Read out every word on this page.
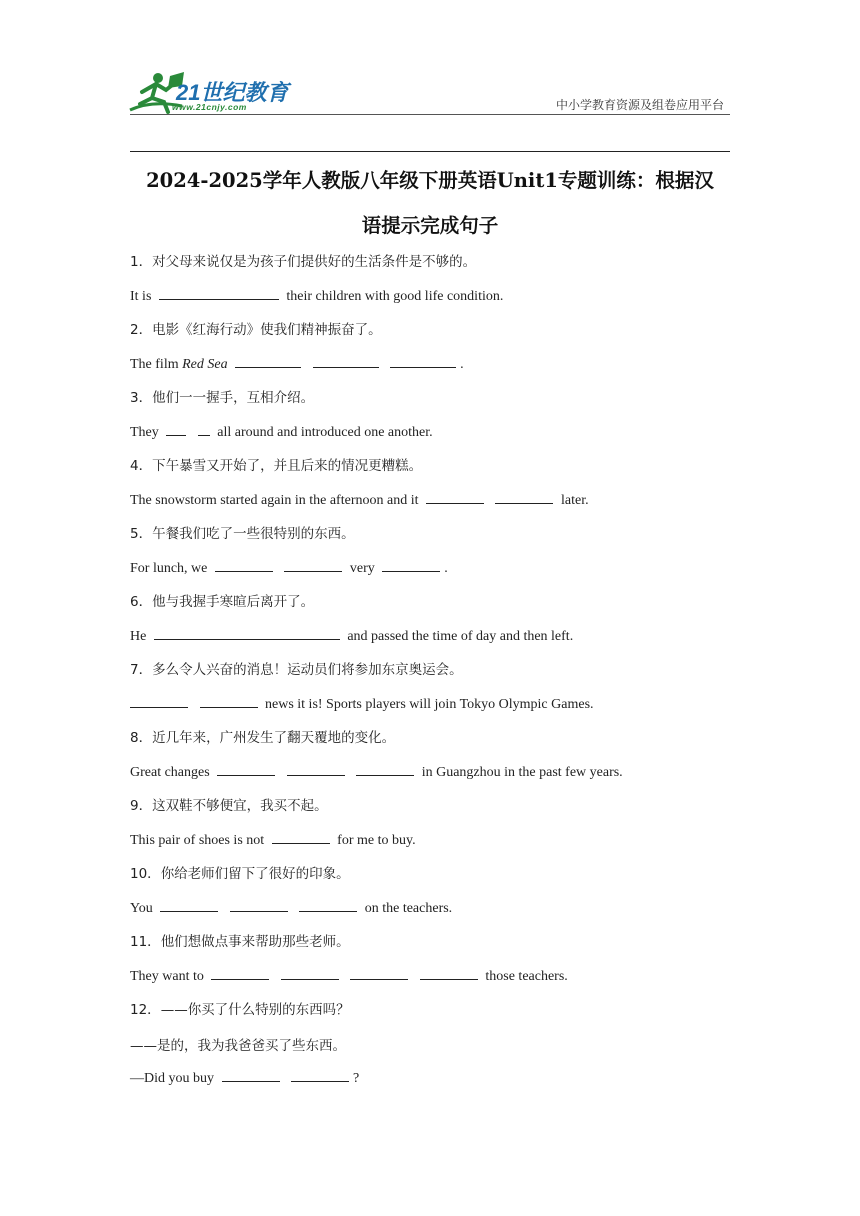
21世纪教育
www.21cnjy.com	中小学教育资源及组卷应用平台
2024-2025学年人教版八年级下册英语Unit1专题训练：根据汉
语提示完成句子
1．对父母来说仅是为孩子们提供好的生活条件是不够的。
It is	their children with good life condition.
2．电影《红海行动》使我们精神振奋了。
The film Red Sea	.
3．他们一一握手，互相介绍。
They	all around and introduced one another.
4．下午暴雪又开始了，并且后来的情况更糟糕。
The snowstorm started again in the afternoon and it	later.
5．午餐我们吃了一些很特别的东西。
For lunch, we	very	.
6．他与我握手寒暄后离开了。
He	and passed the time of day and then left.
7．多么令人兴奋的消息！运动员们将参加东京奥运会。
news it is! Sports players will join Tokyo Olympic Games.
8．近几年来，广州发生了翻天覆地的变化。
Great changes	in Guangzhou in the past few years.
9．这双鞋不够便宜，我买不起。
This pair of shoes is not	for me to buy.
10．你给老师们留下了很好的印象。
You	on the teachers.
11．他们想做点事来帮助那些老师。
They want to	those teachers.
12．——你买了什么特别的东西吗？
——是的，我为我爸爸买了些东西。
—Did you buy	?
